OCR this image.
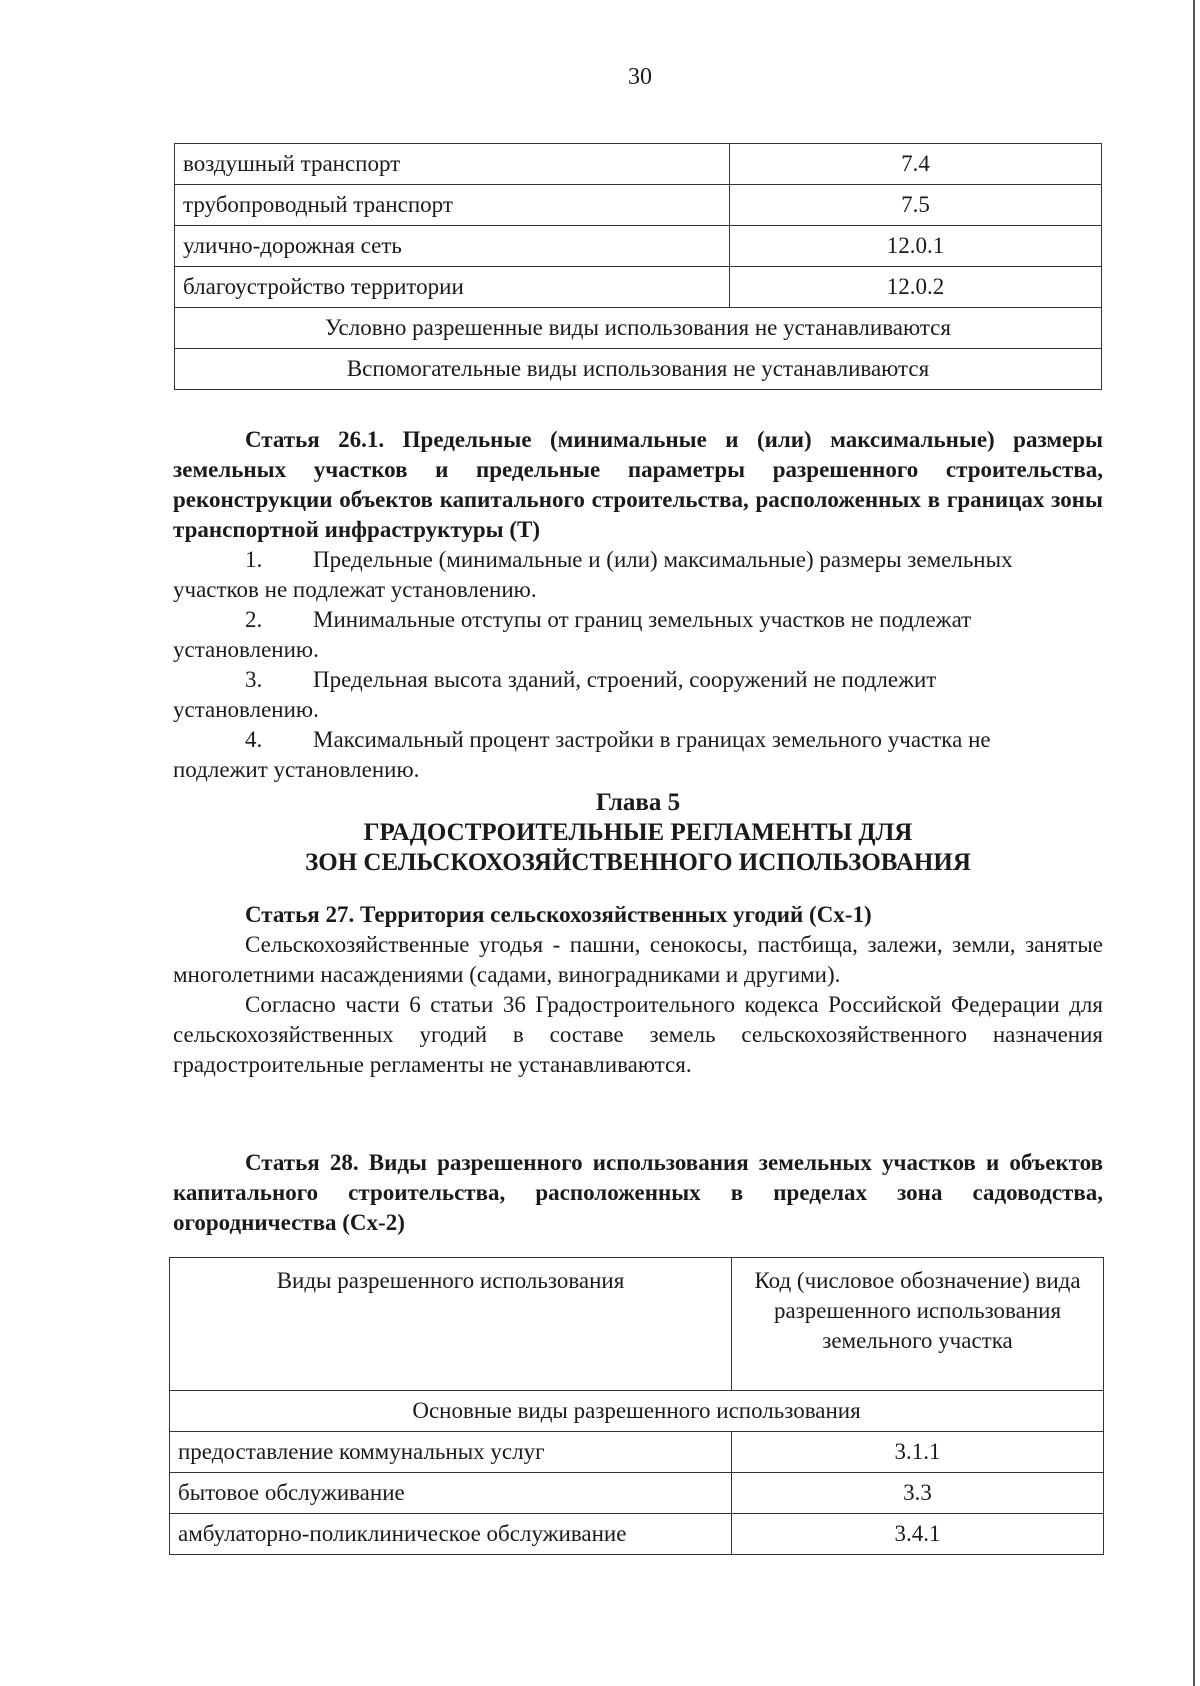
30
воздушный транспорт	7.4
трубопроводный транспорт	7.5
улично-дорожная сеть	12.0.1
благоустройство территории	12.0.2
Условно разрешенные виды использования не устанавливаются	
Вспомогательные виды использования не устанавливаются	
Статья 26.1. Предельные (минимальные и (или) максимальные) размеры земельных участков и предельные параметры разрешенного строительства, реконструкции объектов капитального строительства, расположенных в границах зоны транспортной инфраструктуры (Т)
1.	Предельные (минимальные и (или) максимальные) размеры земельных
участков не подлежат установлению.
2.	Минимальные отступы от границ земельных участков не подлежат
установлению.
3.	Предельная высота зданий, строений, сооружений не подлежит
установлению.
4.	Максимальный процент застройки в границах земельного участка не
подлежит установлению.
Глава 5
ГРАДОСТРОИТЕЛЬНЫЕ РЕГЛАМЕНТЫ ДЛЯ
ЗОН СЕЛЬСКОХОЗЯЙСТВЕННОГО ИСПОЛЬЗОВАНИЯ
Статья 27. Территория сельскохозяйственных угодий (Сх-1)
Сельскохозяйственные угодья - пашни, сенокосы, пастбища, залежи, земли, занятые многолетними насаждениями (садами, виноградниками и другими).
Согласно части 6 статьи 36 Градостроительного кодекса Российской Федерации для сельскохозяйственных угодий в составе земель сельскохозяйственного назначения градостроительные регламенты не устанавливаются.
Статья 28. Виды разрешенного использования земельных участков и объектов капитального строительства, расположенных в пределах зона садоводства, огородничества (Сх-2)
Виды разрешенного использования	Код (числовое обозначение) вида разрешенного использования земельного участка
Основные виды разрешенного использования	
предоставление коммунальных услуг	3.1.1
бытовое обслуживание	3.3
амбулаторно-поликлиническое обслуживание	3.4.1
